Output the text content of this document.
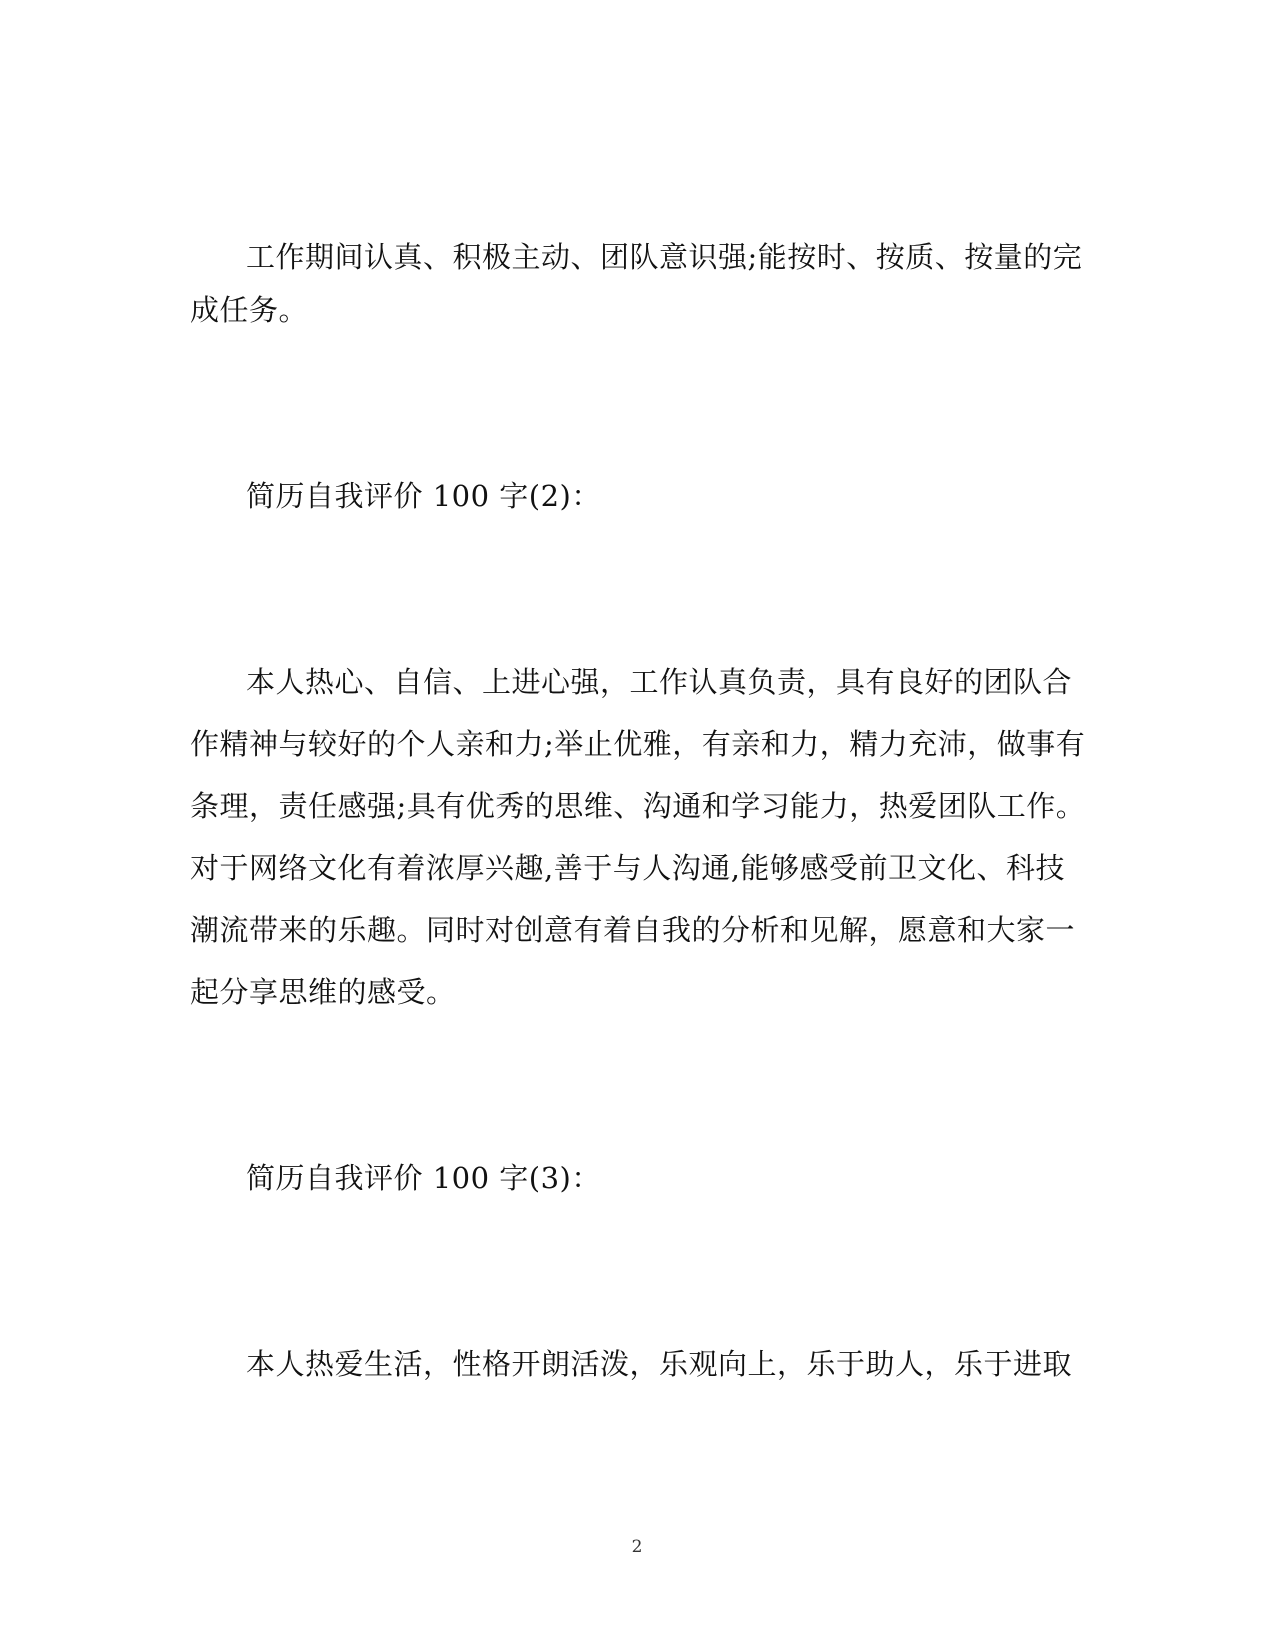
工作期间认真、积极主动、团队意识强;能按时、按质、按量的完
成任务。
简历自我评价 100 字(2)：
本人热心、自信、上进心强，工作认真负责，具有良好的团队合
作精神与较好的个人亲和力;举止优雅，有亲和力，精力充沛，做事有
条理，责任感强;具有优秀的思维、沟通和学习能力，热爱团队工作。
对于网络文化有着浓厚兴趣,善于与人沟通,能够感受前卫文化、科技
潮流带来的乐趣。同时对创意有着自我的分析和见解，愿意和大家一
起分享思维的感受。
简历自我评价 100 字(3)：
本人热爱生活，性格开朗活泼，乐观向上，乐于助人，乐于进取
2
